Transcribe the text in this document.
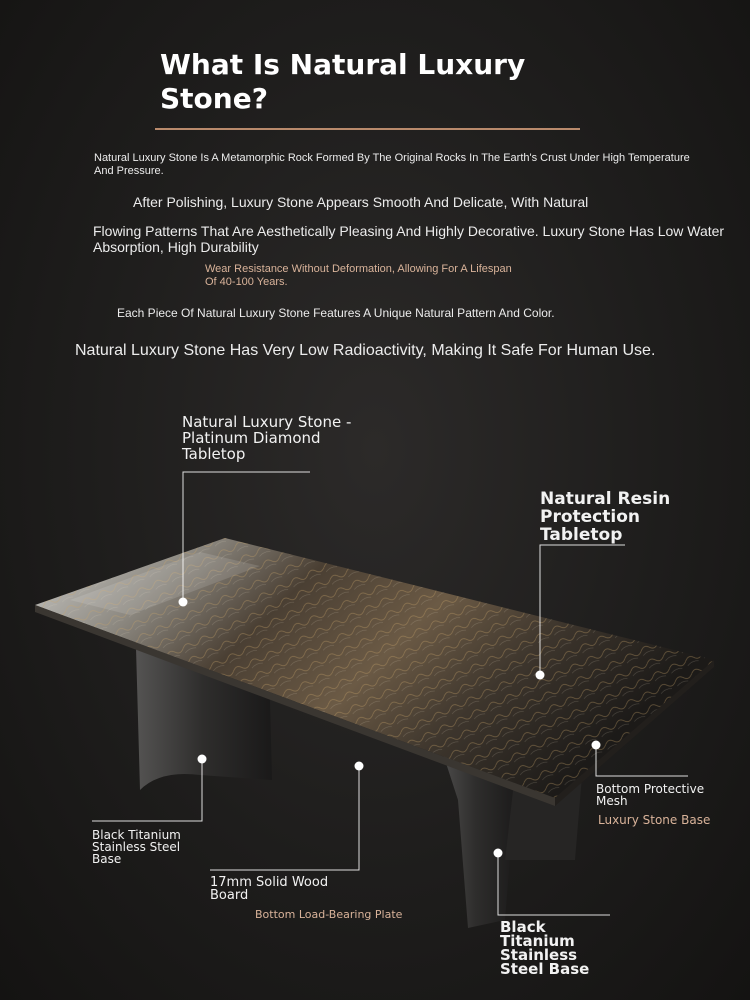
What Is Natural Luxury Stone?

Natural Luxury Stone Is A Metamorphic Rock Formed By The Original Rocks In The Earth's Crust Under High Temperature And Pressure.

After Polishing, Luxury Stone Appears Smooth And Delicate, With Natural

Flowing Patterns That Are Aesthetically Pleasing And Highly Decorative. Luxury Stone Has Low Water Absorption, High Durability

Wear Resistance Without Deformation, Allowing For A Lifespan Of 40-100 Years.

Each Piece Of Natural Luxury Stone Features A Unique Natural Pattern And Color.

Natural Luxury Stone Has Very Low Radioactivity, Making It Safe For Human Use.

Natural Luxury Stone - Platinum Diamond Tabletop

Natural Resin Protection Tabletop

Bottom Protective Mesh

Luxury Stone Base

Black Titanium Stainless Steel Base

17mm Solid Wood Board

Bottom Load-Bearing Plate

Black Titanium Stainless Steel Base
